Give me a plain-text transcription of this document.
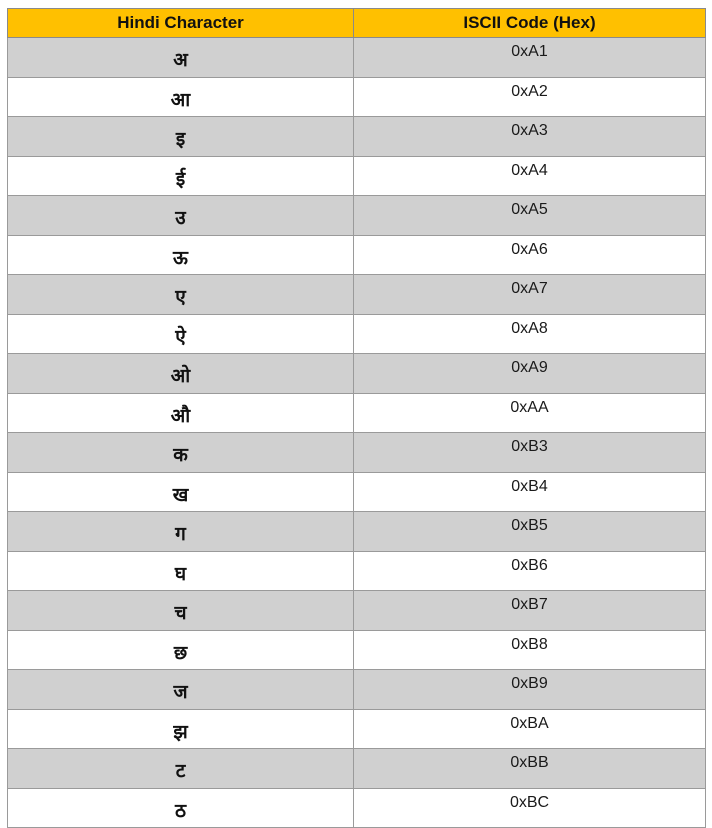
Hindi Character	ISCII Code (Hex)
अ	0xA1
आ	0xA2
इ	0xA3
ई	0xA4
उ	0xA5
ऊ	0xA6
ए	0xA7
ऐ	0xA8
ओ	0xA9
औ	0xAA
क	0xB3
ख	0xB4
ग	0xB5
घ	0xB6
च	0xB7
छ	0xB8
ज	0xB9
झ	0xBA
ट	0xBB
ठ	0xBC
